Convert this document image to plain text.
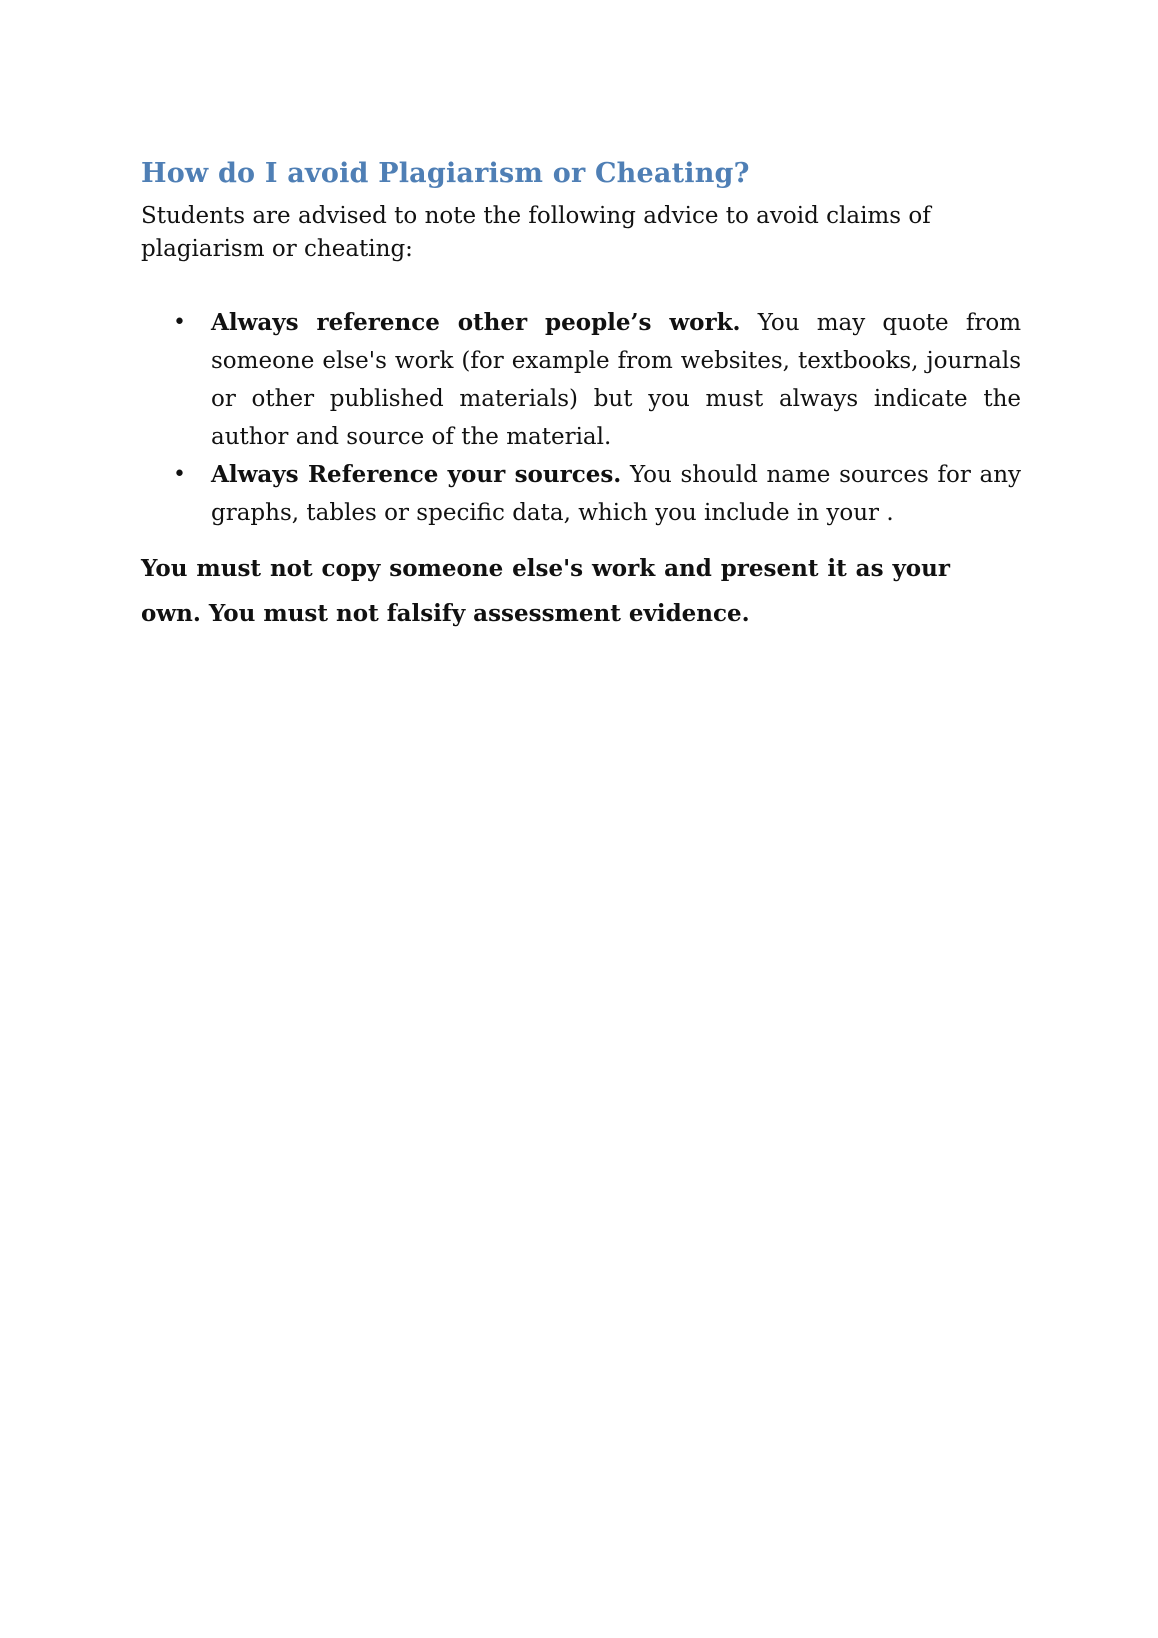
How do I avoid Plagiarism or Cheating?

Students are advised to note the following advice to avoid claims of plagiarism or cheating:

• Always reference other people’s work. You may quote from someone else's work (for example from websites, textbooks, journals or other published materials) but you must always indicate the author and source of the material.
• Always Reference your sources. You should name sources for any graphs, tables or specific data, which you include in your .

You must not copy someone else's work and present it as your own. You must not falsify assessment evidence.
